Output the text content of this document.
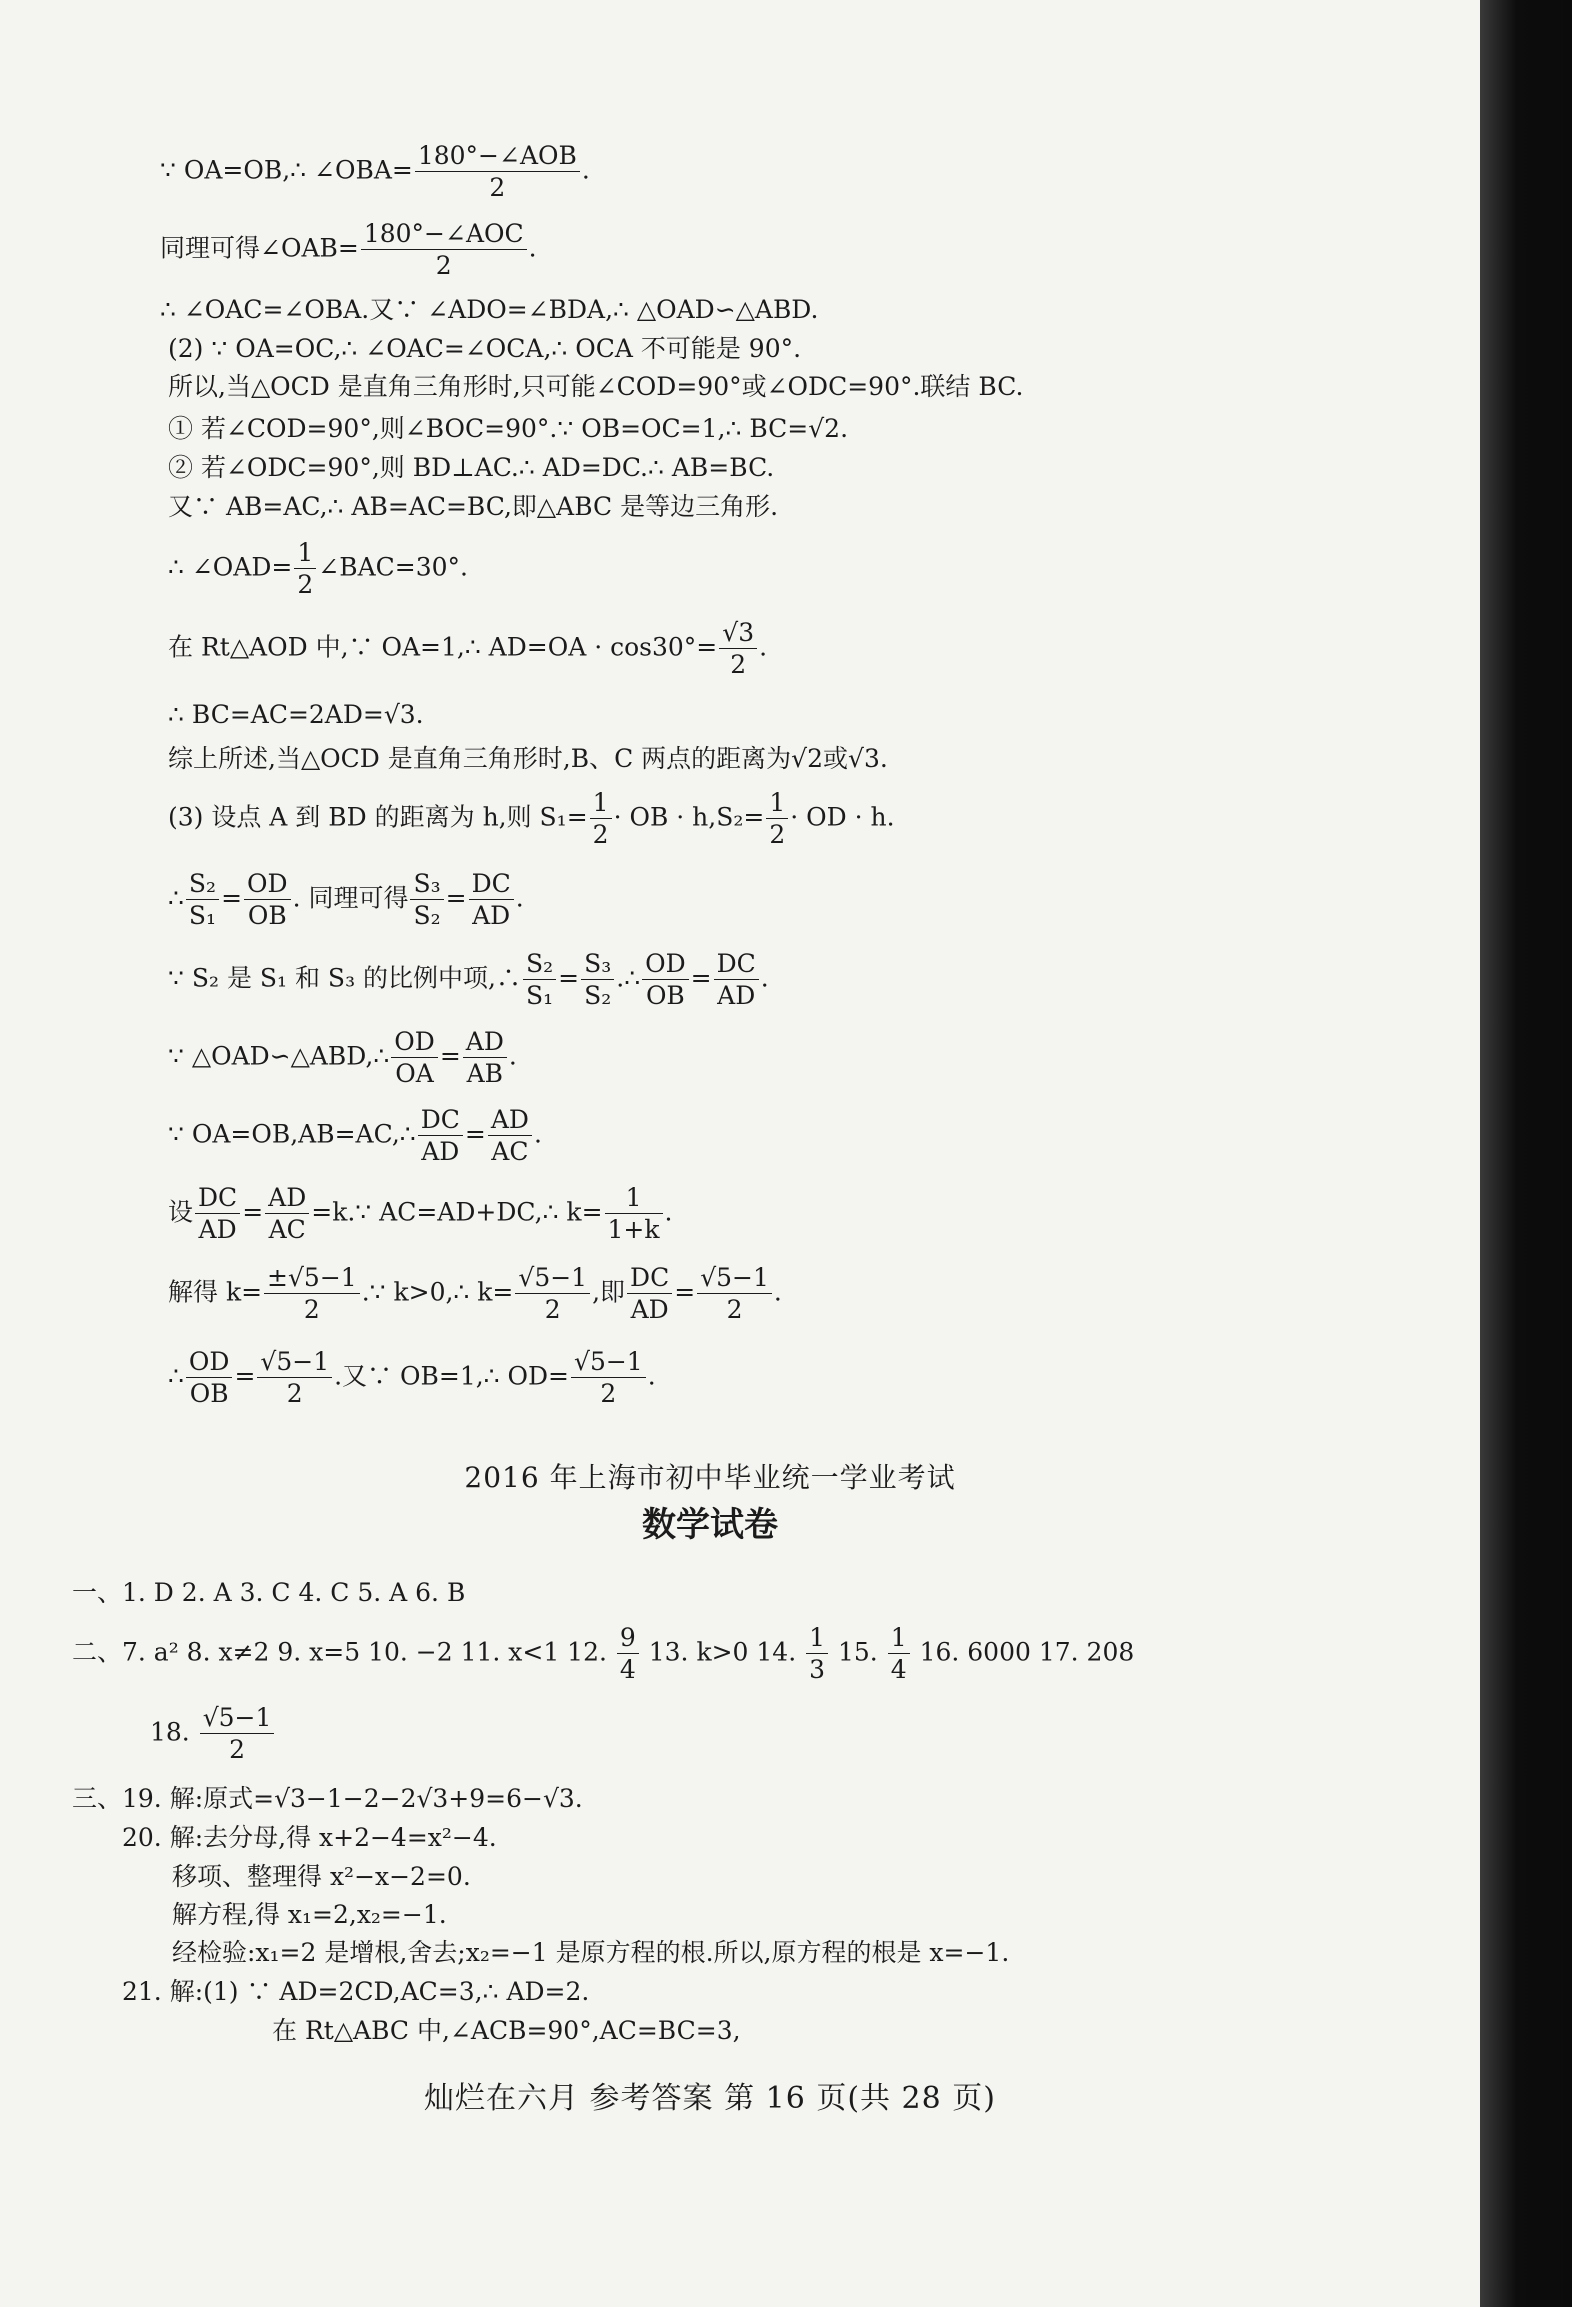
∵ OA=OB,∴ ∠OBA= $\frac{\text{180°−∠AOB}}{2}$ .
同理可得∠OAB= $\frac{\text{180°−∠AOC}}{2}$ .
∴ ∠OAC=∠OBA.又∵ ∠ADO=∠BDA,∴ △OAD∽△ABD.
(2) ∵ OA=OC,∴ ∠OAC=∠OCA,∴ OCA 不可能是 90°.
所以,当△OCD 是直角三角形时,只可能∠COD=90°或∠ODC=90°.联结 BC.
① 若∠COD=90°,则∠BOC=90°.∵ OB=OC=1,∴ BC=√2.
② 若∠ODC=90°,则 BD⊥AC.∴ AD=DC.∴ AB=BC.
又∵ AB=AC,∴ AB=AC=BC,即△ABC 是等边三角形.
∴ ∠OAD= $\frac{1}{2}$ ∠BAC=30°.
在 Rt△AOD 中,∵ OA=1,∴ $AD=OA \cdot \cos 30^\circ= \frac{√3}{2}$ .
∴ BC=AC=2AD=√3.
综上所述,当△OCD 是直角三角形时,B、C 两点的距离为√2或√3.
(3) 设点 A 到 BD 的距离为 h,则 $S_1= \frac{1}{2}$ · OB · $h,S_2= \frac{1}{2}$ · OD · h.
∴ $\frac{\text{S₂}}{\text{S₁}} = \frac{OD}{OB}$ . 同理可得 $\frac{\text{S₃}}{\text{S₂}} = \frac{DC}{AD}$ .
∵ S₂ 是 S₁ 和 S₃ 的比例中项,∴ $\frac{\text{S₂}}{\text{S₁}} = \frac{\text{S₃}}{\text{S₂}}$ .∴ $\frac{OD}{OB} = \frac{DC}{AD}$ .
∵ △OAD∽△ABD,∴ $\frac{OD}{OA} = \frac{AD}{AB}$ .
∵ OA=OB,AB=AC,∴ $\frac{DC}{AD} = \frac{AD}{AC}$ .
设 $\frac{DC}{AD} = \frac{AD}{AC}$ =k.∵ AC=AD+DC,∴ $k= \frac{1}{1+k}$ .
解得 $k= \frac{\pm√5-1}{2}$ .∵ k>0,∴ $k= \frac{√5-1}{2}$ ,即 $\frac{DC}{AD} = \frac{√5-1}{2}$ .
∴ $\frac{OD}{OB} = \frac{√5-1}{2}$ .又∵ OB=1,∴ $OD= \frac{√5-1}{2}$ .
2016 年上海市初中毕业统一学业考试
数学试卷
一、1. D 2. A 3. C 4. C 5. A 6. B
二、7. a² 8. x≠2 9. x=5 10. −2 11. x<1 12. $\frac{9}{4} 13$. k>0 14. $\frac{1}{3} 15$. $\frac{1}{4} 16$. 6000 17. 208
18. $\frac{√5-1}{2}$
三、19. 解:原式=√3−1−2−2√3+9=6−√3.
20. 解:去分母,得 x+2−4=x²−4.
移项、整理得 x²−x−2=0.
解方程,得 x₁=2,x₂=−1.
经检验:x₁=2 是增根,舍去;x₂=−1 是原方程的根.所以,原方程的根是 x=−1.
21. 解:(1) ∵ AD=2CD,AC=3,∴ AD=2.
在 Rt△ABC 中,∠ACB=90°,AC=BC=3,
灿烂在六月 参考答案 第 16 页(共 28 页)
